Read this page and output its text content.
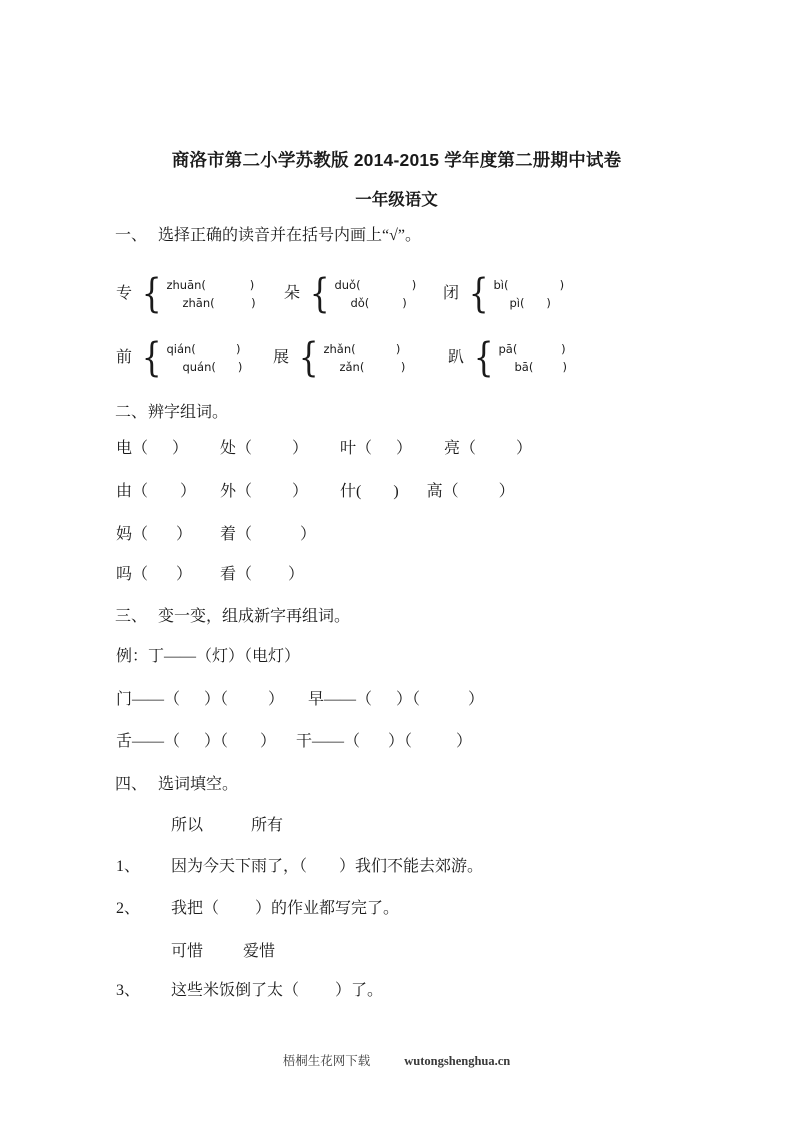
商洛市第二小学苏教版 2014-2015 学年度第二册期中试卷
一年级语文
一、 选择正确的读音并在括号内画上“√”。
专 { zhuān(            )
zhān(          )
朵 { duǒ(              )
dǒ(         )
闭 { bì(              )
pì(      )
前 { qián(           )
quán(      )
展 { zhǎn(           )
zǎn(          )
趴 { pā(            )
bā(        )
二、 辨字组词。
电（      ）        处（          ）        叶（      ）        亮（          ）
由（        ）      外（          ）        什(        )       高（          ）
妈（       ）       着（            ）
吗（       ）       看（         ）
三、 变一变，组成新字再组词。
例：丁——（灯）（电灯）
门——（      ）（          ）      早——（      ）（            ）
舌——（      ）（        ）     干——（       ）（           ）
四、 选词填空。
所以            所有
1、 因为今天下雨了，（        ）我们不能去郊游。
2、 我把（         ）的作业都写完了。
可惜          爱惜
3、 这些米饭倒了太（         ）了。
梧桐生花网下载	wutongshenghua.cn
